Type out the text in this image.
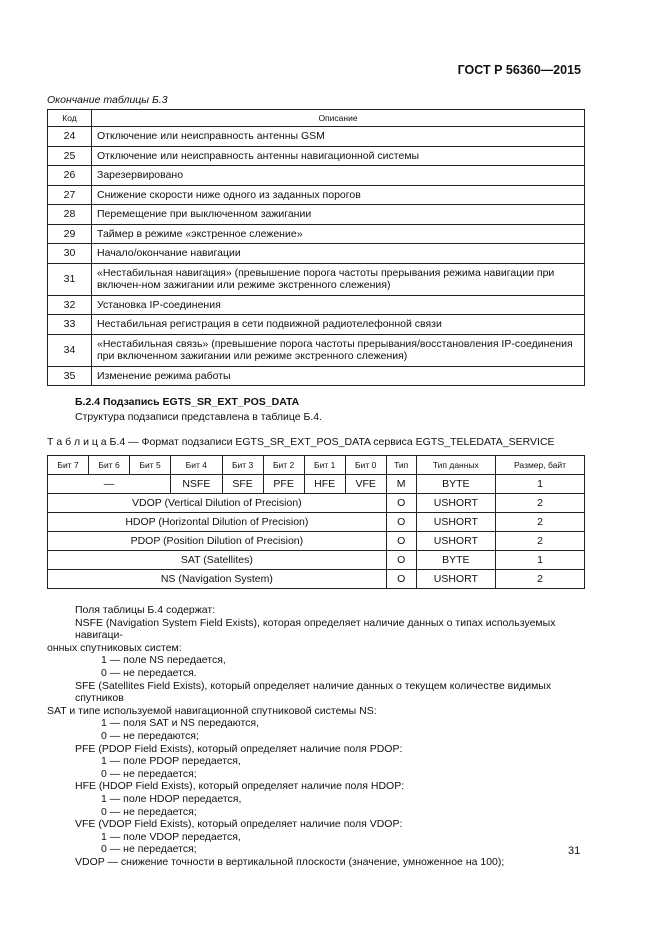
ГОСТ Р 56360—2015
Окончание таблицы Б.3
Код	Описание
24	Отключение или неисправность антенны GSM
25	Отключение или неисправность антенны навигационной системы
26	Зарезервировано
27	Снижение скорости ниже одного из заданных порогов
28	Перемещение при выключенном зажигании
29	Таймер в режиме «экстренное слежение»
30	Начало/окончание навигации
31	«Нестабильная навигация» (превышение порога частоты прерывания режима навигации при включен-ном зажигании или режиме экстренного слежения)
32	Установка IP-соединения
33	Нестабильная регистрация в сети подвижной радиотелефонной связи
34	«Нестабильная связь» (превышение порога частоты прерывания/восстановления IP-соединения при включенном зажигании или режиме экстренного слежения)
35	Изменение режима работы
Б.2.4 Подзапись EGTS_SR_EXT_POS_DATA
Структура подзаписи представлена в таблице Б.4.
Т а б л и ц а Б.4 — Формат подзаписи EGTS_SR_EXT_POS_DATA сервиса EGTS_TELEDATA_SERVICE
Бит 7	Бит 6	Бит 5	Бит 4	Бит 3	Бит 2	Бит 1	Бит 0	Тип	Тип данных	Размер, байт
—			NSFE	SFE	PFE	HFE	VFE	M	BYTE	1
VDOP (Vertical Dilution of Precision)								O	USHORT	2
HDOP (Horizontal Dilution of Precision)								O	USHORT	2
PDOP (Position Dilution of Precision)								O	USHORT	2
SAT (Satellites)								O	BYTE	1
NS (Navigation System)								O	USHORT	2
Поля таблицы Б.4 содержат:
NSFE (Navigation System Field Exists), которая определяет наличие данных о типах используемых навигаци-
онных спутниковых систем:
1 — поле NS передается,
0 — не передается.
SFE (Satellites Field Exists), который определяет наличие данных о текущем количестве видимых спутников
SAT и типе используемой навигационной спутниковой системы NS:
1 — поля SAT и NS передаются,
0 — не передаются;
PFE (PDOP Field Exists), который определяет наличие поля PDOP:
1 — поле PDOP передается,
0 — не передается;
HFE (HDOP Field Exists), который определяет наличие поля HDOP:
1 — поле HDOP передается,
0 — не передается;
VFE (VDOP Field Exists), который определяет наличие поля VDOP:
1 — поле VDOP передается,
0 — не передается;
VDOP — снижение точности в вертикальной плоскости (значение, умноженное на 100);
31
